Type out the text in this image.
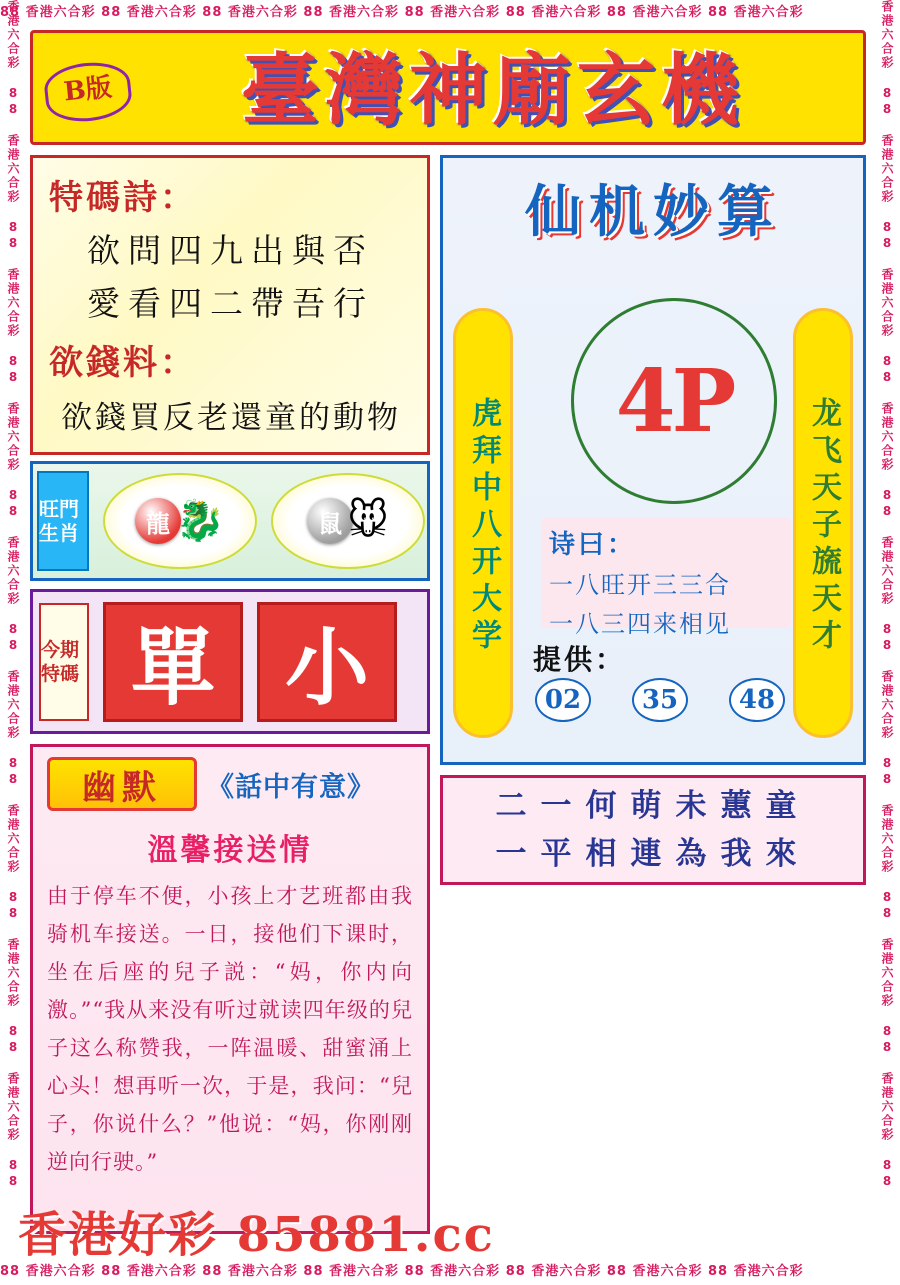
88 香港六合彩 88 香港六合彩 88 香港六合彩 88 香港六合彩 88 香港六合彩 88 香港六合彩 88 香港六合彩 88 香港六合彩
88 香港六合彩 88 香港六合彩 88 香港六合彩 88 香港六合彩 88 香港六合彩 88 香港六合彩 88 香港六合彩 88 香港六合彩
香港六合彩 88 香港六合彩 88 香港六合彩 88 香港六合彩 88 香港六合彩 88 香港六合彩 88 香港六合彩 88 香港六合彩 88 香港六合彩 88	香港六合彩 88 香港六合彩 88 香港六合彩 88 香港六合彩 88 香港六合彩 88 香港六合彩 88 香港六合彩 88 香港六合彩 88 香港六合彩 88
B版	臺灣神廟玄機
特碼詩：
欲問四九出與否
愛看四二帶吾行
欲錢料：
欲錢買反老還童的動物
旺門生肖	龍 🐉	鼠 🐭
今期特碼 單 小
幽默	《話中有意》
溫馨接送情
由于停车不便，小孩上才艺班都由我骑机车接送。一日，接他们下课时，坐在后座的兒子説：“妈，你内向 激。”“我从来没有听过就读四年级的兒子这么称赞我，一阵温暖、甜蜜涌上心头！想再听一次，于是，我问：“兒子，你说什么？”他说：“妈，你刚刚逆向行驶。”
仙机妙算
虎拜中八开大学	龙飞天子旒天才
4P
诗曰：
一八旺开三三合
一八三四来相见
提供：
02	35	48
二一何萌未蕙童
一平相連為我來
香港好彩 85881.cc
